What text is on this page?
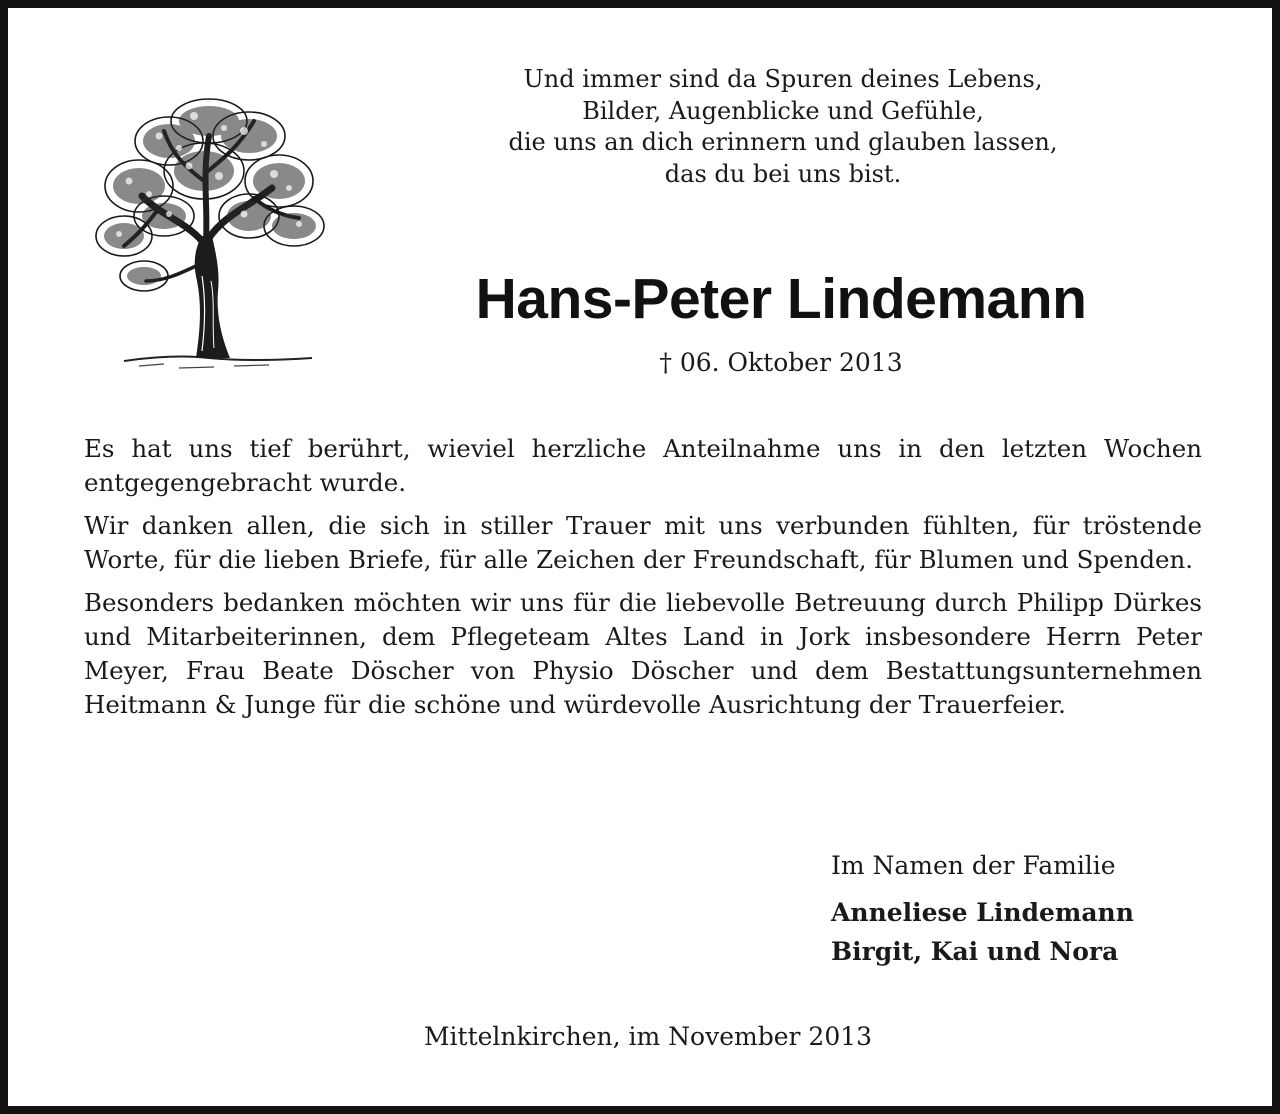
Und immer sind da Spuren deines Lebens,
Bilder, Augenblicke und Gefühle,
die uns an dich erinnern und glauben lassen,
das du bei uns bist.
Hans-Peter Lindemann
† 06. Oktober 2013

Es hat uns tief berührt, wieviel herzliche Anteilnahme uns in den letzten Wochen entgegengebracht wurde.

Wir danken allen, die sich in stiller Trauer mit uns verbunden fühlten, für tröstende Worte, für die lieben Briefe, für alle Zeichen der Freundschaft, für Blumen und Spenden.

Besonders bedanken möchten wir uns für die liebevolle Betreuung durch Philipp Dürkes und Mitarbeiterinnen, dem Pflegeteam Altes Land in Jork insbesondere Herrn Peter Meyer, Frau Beate Döscher von Physio Döscher und dem Bestattungsunternehmen Heitmann & Junge für die schöne und würdevolle Ausrichtung der Trauerfeier.

Im Namen der Familie
Anneliese Lindemann
Birgit, Kai und Nora
Mittelnkirchen, im November 2013
